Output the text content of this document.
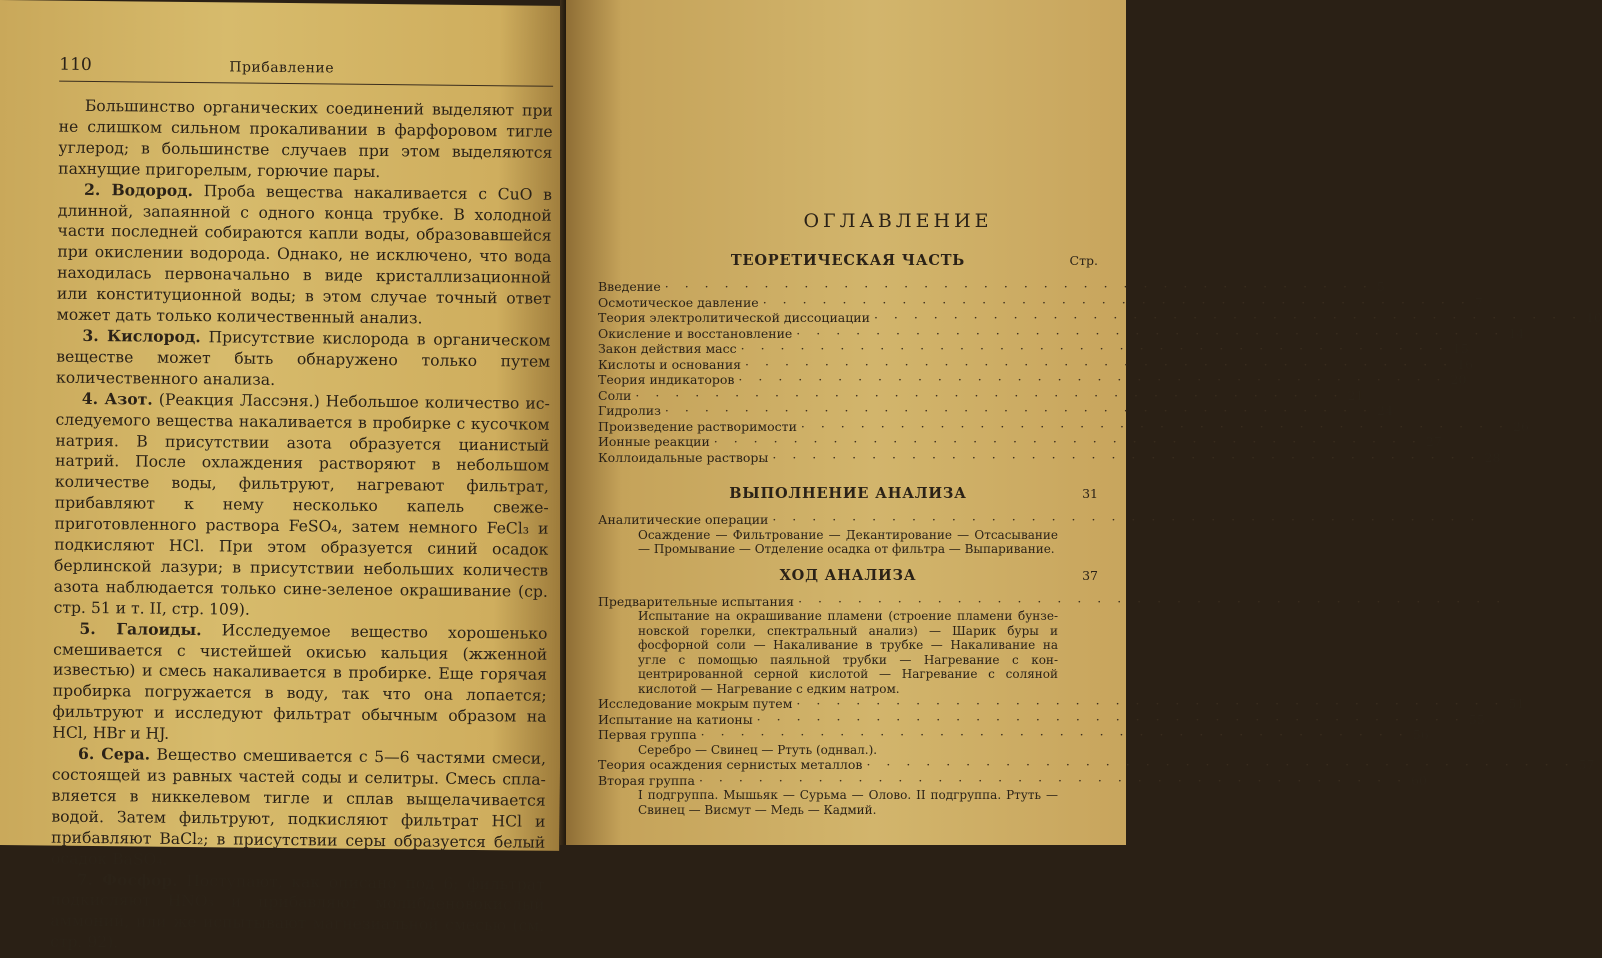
110	Прибавление

Большинство органических соединений выделяют при не слишком сильном прокаливании в фарфоровом тигле углерод; в большинстве случаев при этом выделяются пахнущие пригорелым, горючие пары.

2. Водород. Проба вещества накаливается с CuO в длинной, запаянной с одного конца трубке. В холодной части последней собираются капли воды, образовавшейся при окислении водорода. Однако, не исключено, что вода находилась первоначально в виде кристаллизационной или конституционной воды; в этом случае точный ответ может дать только количественный анализ.

3. Кислород. Присутствие кислорода в органическом веществе может быть обнаружено только путем количественного анализа.

4. Азот. (Реакция Лассэня.) Небольшое количество исследуемого вещества накаливается в пробирке с кусочком натрия. В присутствии азота образуется цианистый натрий. После охлаждения растворяют в небольшом количестве воды, фильтруют, нагревают фильтрат, прибавляют к нему несколько капель свеже-приготовленного раствора FeSO₄, затем немного FeCl₃ и подкисляют HCl. При этом образуется синий осадок берлинской лазури; в присутствии небольших количеств азота наблюдается только сине-зеленое окрашивание (ср. стр. 51 и т. II, стр. 109).

5. Галоиды. Исследуемое вещество хорошенько смешивается с чистейшей окисью кальция (жженной известью) и смесь накаливается в пробирке. Еще горячая пробирка погружается в воду, так что она лопается; фильтруют и исследуют фильтрат обычным образом на HCl, HBr и HJ.

6. Сера. Вещество смешивается с 5—6 частями смеси, состоящей из равных частей соды и селитры. Смесь сплавляется в никкелевом тигле и сплав выщелачивается водой. Затем фильтруют, подкисляют фильтрат HCl и прибавляют BaCl₂; в присутствии серы образуется белый осадок BaSO₄.

7. Фосфор. Поступают, как описано под 6; фильтрат подкисляют HNO₃ и прибавляют молибденовокислый аммоний, или же испытывают магнезиальной смесью (см. стр. 92).

ОГЛАВЛЕНИЕ
ТЕОРЕТИЧЕСКАЯ ЧАСТЬ	Стр.
Введение · · · · · · · · · · · · · · · · · · · · · · · · · · · · · · · · · · · · 5
Осмотическое давление · · · · · · · · · · · · · · · · · · · · · · · · · · · · · · · · · · · · 7
Теория электролитической диссоциации · · · · · · · · · · · · · · · · · · · · · · · · · · · · · · · · · · · · 10
Окисление и восстановление · · · · · · · · · · · · · · · · · · · · · · · · · · · · · · · · · · · · 14
Закон действия масс · · · · · · · · · · · · · · · · · · · · · · · · · · · · · · · · · · · · 15
Кислоты и основания · · · · · · · · · · · · · · · · · · · · · · · · · · · · · · · · · · · · 16
Теория индикаторов · · · · · · · · · · · · · · · · · · · · · · · · · · · · · · · · · · · · 20
Соли · · · · · · · · · · · · · · · · · · · · · · · · · · · · · · · · · · · · 21
Гидролиз · · · · · · · · · · · · · · · · · · · · · · · · · · · · · · · · · · · · 24
Произведение растворимости · · · · · · · · · · · · · · · · · · · · · · · · · · · · · · · · · · · · 26
Ионные реакции · · · · · · · · · · · · · · · · · · · · · · · · · · · · · · · · · · · · 27
Коллоидальные растворы · · · · · · · · · · · · · · · · · · · · · · · · · · · · · · · · · · · · 28
ВЫПОЛНЕНИЕ АНАЛИЗА	31
Аналитические операции · · · · · · · · · · · · · · · · · · · · · · · · · · · · · · · · · · · ·
Осаждение — Фильтрование — Декантирование — Отсасывание — Промывание — Отделение осадка от фильтра — Выпаривание.
ХОД АНАЛИЗА	37
Предварительные испытания · · · · · · · · · · · · · · · · · · · · · · · · · · · · · · · · · · · ·
Испытание на окрашивание пламени (строение пламени бунзеновской горелки, спектральный анализ) — Шарик буры и фосфорной соли — Накаливание в трубке — Накаливание на угле с помощью паяльной трубки — Нагревание с концентрированной серной кислотой — Нагревание с соляной кислотой — Нагревание с едким натром.
Исследование мокрым путем · · · · · · · · · · · · · · · · · · · · · · · · · · · · · · · · · · · · 51
Испытание на катионы · · · · · · · · · · · · · · · · · · · · · · · · · · · · · · · · · · · · 55
Первая группа · · · · · · · · · · · · · · · · · · · · · · · · · · · · · · · · · · · · 56
Серебро — Свинец — Ртуть (однвал.).
Теория осаждения сернистых металлов · · · · · · · · · · · · · · · · · · · · · · · · · · · · · · · · · · · · 57
Вторая группа · · · · · · · · · · · · · · · · · · · · · · · · · · · · · · · · · · · · 60
I подгруппа. Мышьяк — Сурьма — Олово. II подгруппа. Ртуть — Свинец — Висмут — Медь — Кадмий.
